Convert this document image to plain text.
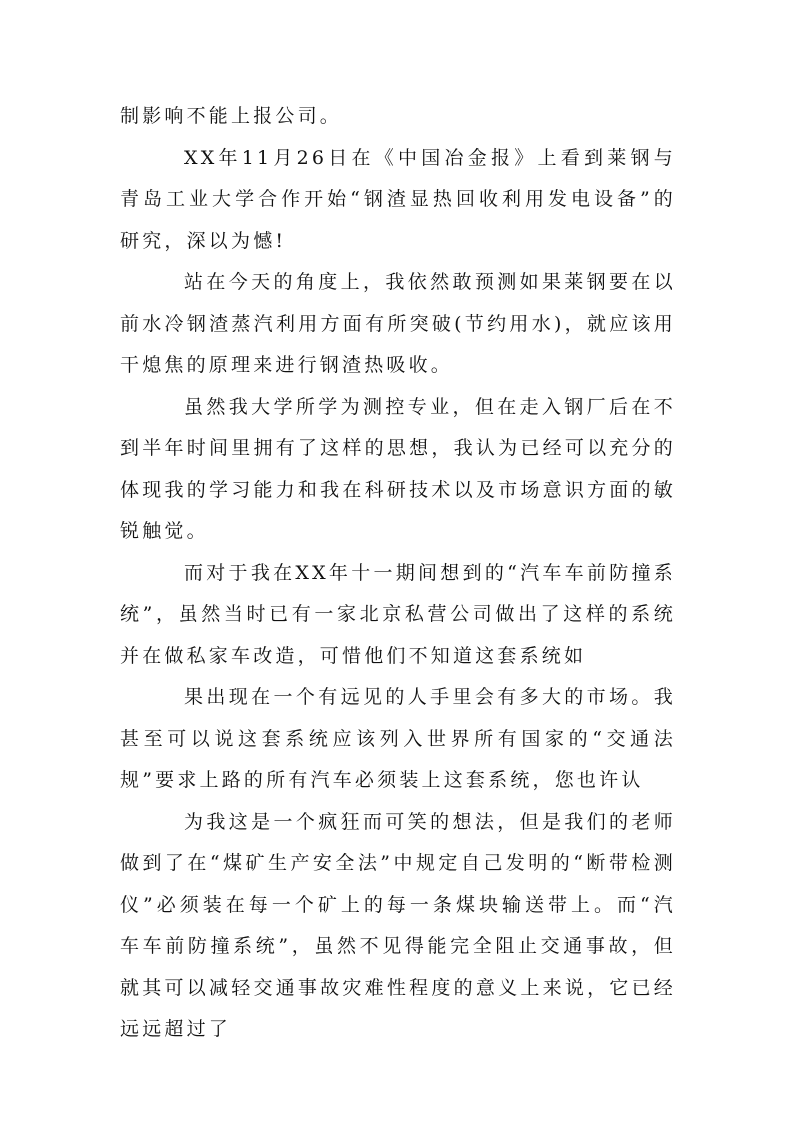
制影响不能上报公司。

XX年11月26日在《中国冶金报》上看到莱钢与青岛工业大学合作开始“钢渣显热回收利用发电设备”的研究，深以为憾!

站在今天的角度上，我依然敢预测如果莱钢要在以前水冷钢渣蒸汽利用方面有所突破(节约用水)，就应该用干熄焦的原理来进行钢渣热吸收。

虽然我大学所学为测控专业，但在走入钢厂后在不到半年时间里拥有了这样的思想，我认为已经可以充分的体现我的学习能力和我在科研技术以及市场意识方面的敏锐触觉。

而对于我在XX年十一期间想到的“汽车车前防撞系统”，虽然当时已有一家北京私营公司做出了这样的系统并在做私家车改造，可惜他们不知道这套系统如

果出现在一个有远见的人手里会有多大的市场。我甚至可以说这套系统应该列入世界所有国家的“交通法规”要求上路的所有汽车必须装上这套系统，您也许认

为我这是一个疯狂而可笑的想法，但是我们的老师做到了在“煤矿生产安全法”中规定自己发明的“断带检测仪”必须装在每一个矿上的每一条煤块输送带上。而“汽车车前防撞系统”，虽然不见得能完全阻止交通事故，但就其可以减轻交通事故灾难性程度的意义上来说，它已经远远超过了
